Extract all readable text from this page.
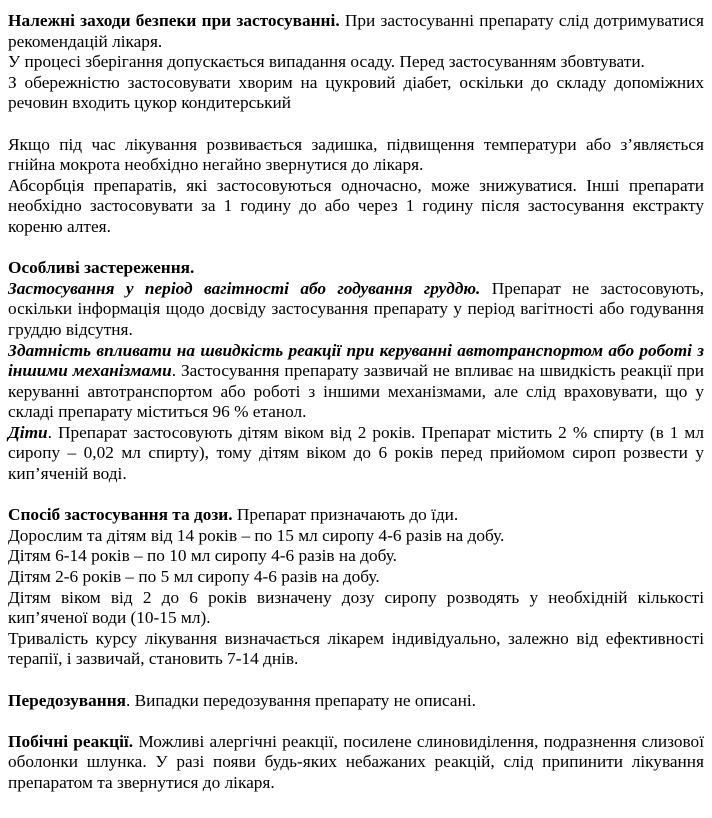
Належні заходи безпеки при застосуванні. При застосуванні препарату слід дотримуватися рекомендацій лікаря.

У процесі зберігання допускається випадання осаду. Перед застосуванням збовтувати.

З обережністю застосовувати хворим на цукровий діабет, оскільки до складу допоміжних речовин входить цукор кондитерський

Якщо під час лікування розвивається задишка, підвищення температури або з’являється гнійна мокрота необхідно негайно звернутися до лікаря.

Абсорбція препаратів, які застосовуються одночасно, може знижуватися. Інші препарати необхідно застосовувати за 1 годину до або через 1 годину після застосування екстракту кореню алтея.

Особливі застереження.

Застосування у період вагітності або годування груддю. Препарат не застосовують, оскільки інформація щодо досвіду застосування препарату у період вагітності або годування груддю відсутня.

Здатність впливати на швидкість реакції при керуванні автотранспортом або роботі з іншими механізмами. Застосування препарату зазвичай не впливає на швидкість реакції при керуванні автотранспортом або роботі з іншими механізмами, але слід враховувати, що у складі препарату міститься 96 % етанол.

Діти. Препарат застосовують дітям віком від 2 років. Препарат містить 2 % спирту (в 1 мл сиропу – 0,02 мл спирту), тому дітям віком до 6 років перед прийомом сироп розвести у кип’яченій воді.

Спосіб застосування та дози. Препарат призначають до їди.

Дорослим та дітям від 14 років – по 15 мл сиропу 4-6 разів на добу.

Дітям 6-14 років – по 10 мл сиропу 4-6 разів на добу.

Дітям 2-6 років – по 5 мл сиропу 4-6 разів на добу.

Дітям віком від 2 до 6 років визначену дозу сиропу розводять у необхідній кількості кип’яченої води (10-15 мл).

Тривалість курсу лікування визначається лікарем індивідуально, залежно від ефективності терапії, і зазвичай, становить 7-14 днів.

Передозування. Випадки передозування препарату не описані.

Побічні реакції. Можливі алергічні реакції, посилене слиновиділення, подразнення слизової оболонки шлунка. У разі появи будь-яких небажаних реакцій, слід припинити лікування препаратом та звернутися до лікаря.
